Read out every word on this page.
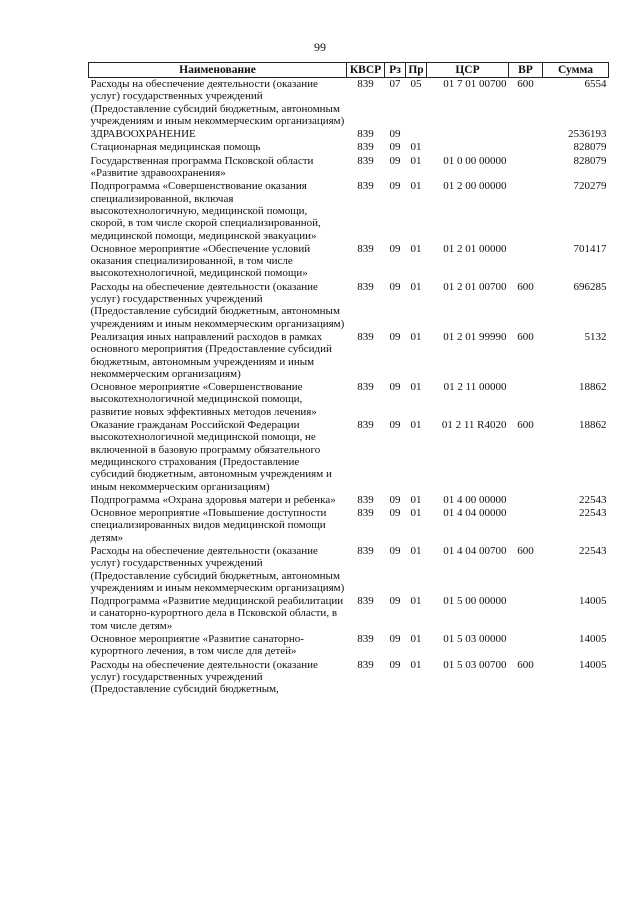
99
Наименование	КВСР	Рз	Пр	ЦСР	ВР	Сумма
Расходы на обеспечение деятельности (оказание услуг) государственных учреждений (Предоставление субсидий бюджетным, автономным учреждениям и иным некоммерческим организациям)	839	07	05	01 7 01 00700	600	6554
ЗДРАВООХРАНЕНИЕ	839	09				2536193
Стационарная медицинская помощь	839	09	01			828079
Государственная программа Псковской области «Развитие здравоохранения»	839	09	01	01 0 00 00000		828079
Подпрограмма «Совершенствование оказания специализированной, включая высокотехнологичную, медицинской помощи, скорой, в том числе скорой специализированной, медицинской помощи, медицинской эвакуации»	839	09	01	01 2 00 00000		720279
Основное мероприятие «Обеспечение условий оказания специализированной, в том числе высокотехнологичной, медицинской помощи»	839	09	01	01 2 01 00000		701417
Расходы на обеспечение деятельности (оказание услуг) государственных учреждений (Предоставление субсидий бюджетным, автономным учреждениям и иным некоммерческим организациям)	839	09	01	01 2 01 00700	600	696285
Реализация иных направлений расходов в рамках основного мероприятия (Предоставление субсидий бюджетным, автономным учреждениям и иным некоммерческим организациям)	839	09	01	01 2 01 99990	600	5132
Основное мероприятие «Совершенствование высокотехнологичной медицинской помощи, развитие новых эффективных методов лечения»	839	09	01	01 2 11 00000		18862
Оказание гражданам Российской Федерации высокотехнологичной медицинской помощи, не включенной в базовую программу обязательного медицинского страхования (Предоставление субсидий бюджетным, автономным учреждениям и иным некоммерческим организациям)	839	09	01	01 2 11 R4020	600	18862
Подпрограмма «Охрана здоровья матери и ребенка»	839	09	01	01 4 00 00000		22543
Основное мероприятие «Повышение доступности специализированных видов медицинской помощи детям»	839	09	01	01 4 04 00000		22543
Расходы на обеспечение деятельности (оказание услуг) государственных учреждений (Предоставление субсидий бюджетным, автономным учреждениям и иным некоммерческим организациям)	839	09	01	01 4 04 00700	600	22543
Подпрограмма «Развитие медицинской реабилитации и санаторно-курортного дела в Псковской области, в том числе детям»	839	09	01	01 5 00 00000		14005
Основное мероприятие «Развитие санаторно-курортного лечения, в том числе для детей»	839	09	01	01 5 03 00000		14005
Расходы на обеспечение деятельности (оказание услуг) государственных учреждений (Предоставление субсидий бюджетным,	839	09	01	01 5 03 00700	600	14005
